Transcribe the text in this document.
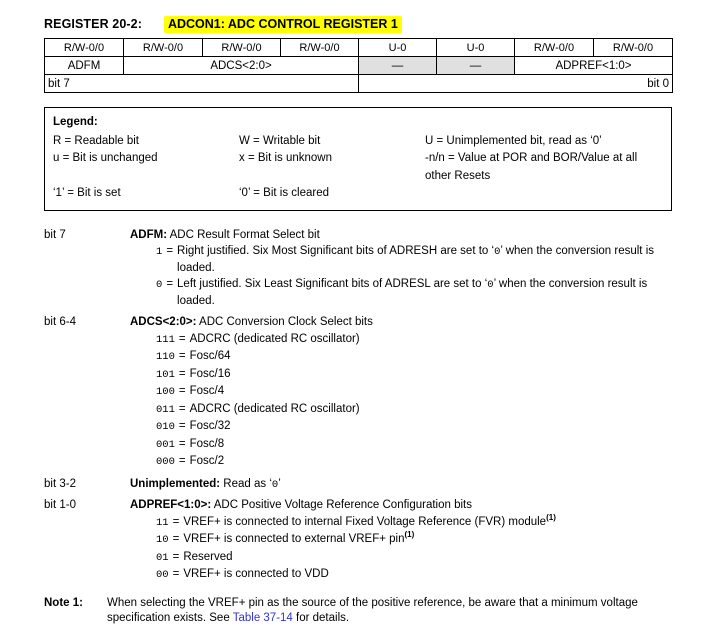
REGISTER 20-2:	ADCON1: ADC CONTROL REGISTER 1
R/W-0/0	R/W-0/0	R/W-0/0	R/W-0/0	U-0	U-0	R/W-0/0	R/W-0/0
ADFM	ADCS<2:0>			—	—	ADPREF<1:0>	
bit 7				bit 0			
Legend:
R = Readable bit	W = Writable bit	U = Unimplemented bit, read as ‘0’
u = Bit is unchanged	x = Bit is unknown	-n/n = Value at POR and BOR/Value at all other Resets
‘1’ = Bit is set	‘0’ = Bit is cleared
bit 7	ADFM: ADC Result Format Select bit
1 = Right justified. Six Most Significant bits of ADRESH are set to ‘0’ when the conversion result is loaded.
0 = Left justified. Six Least Significant bits of ADRESL are set to ‘0’ when the conversion result is loaded.
bit 6-4	ADCS<2:0>: ADC Conversion Clock Select bits
111 = ADCRC (dedicated RC oscillator)
110 = Fosc/64
101 = Fosc/16
100 = Fosc/4
011 = ADCRC (dedicated RC oscillator)
010 = Fosc/32
001 = Fosc/8
000 = Fosc/2
bit 3-2	Unimplemented: Read as ‘0’
bit 1-0	ADPREF<1:0>: ADC Positive Voltage Reference Configuration bits
11 = VREF+ is connected to internal Fixed Voltage Reference (FVR) module$^{(1)}$
10 = VREF+ is connected to external VREF+ pin$^{(1)}$
01 = Reserved
00 = VREF+ is connected to VDD
Note 1:	When selecting the VREF+ pin as the source of the positive reference, be aware that a minimum voltage specification exists. See Table 37-14 for details.
